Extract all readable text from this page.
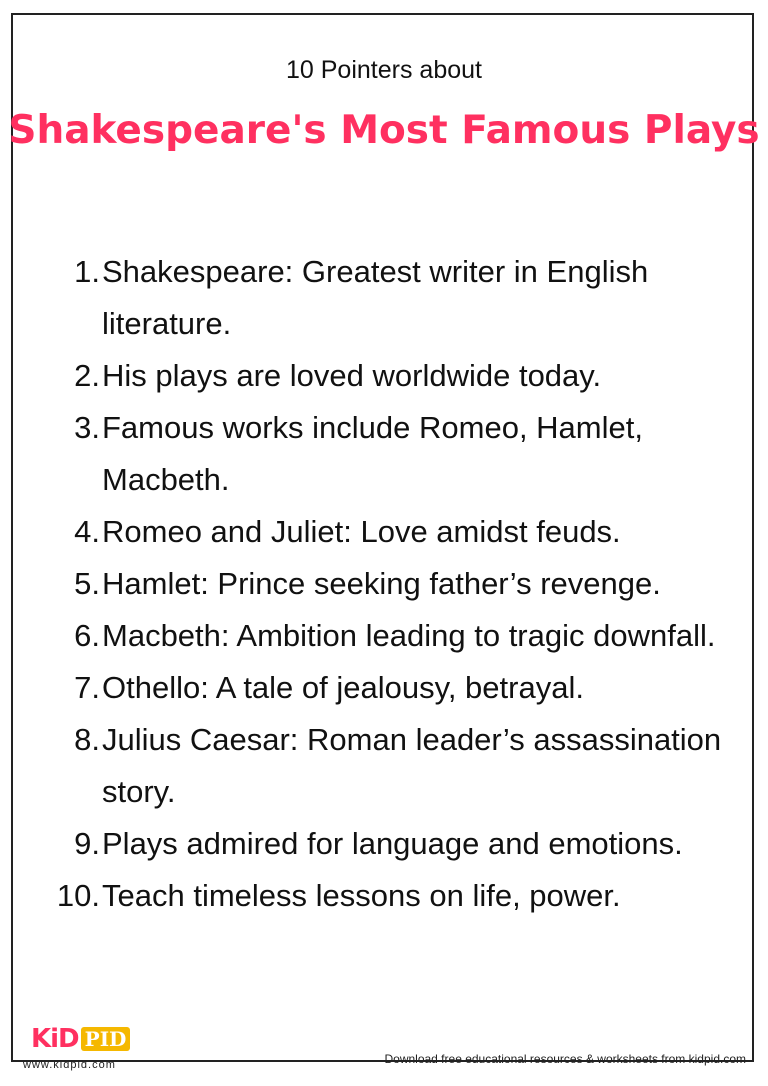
10 Pointers about
Shakespeare's Most Famous Plays
1. Shakespeare: Greatest writer in English literature.
2. His plays are loved worldwide today.
3. Famous works include Romeo, Hamlet, Macbeth.
4. Romeo and Juliet: Love amidst feuds.
5. Hamlet: Prince seeking father’s revenge.
6. Macbeth: Ambition leading to tragic downfall.
7. Othello: A tale of jealousy, betrayal.
8. Julius Caesar: Roman leader’s assassination story.
9. Plays admired for language and emotions.
10. Teach timeless lessons on life, power.
KiD PID
www.kidpid.com	Download free educational resources & worksheets from kidpid.com
